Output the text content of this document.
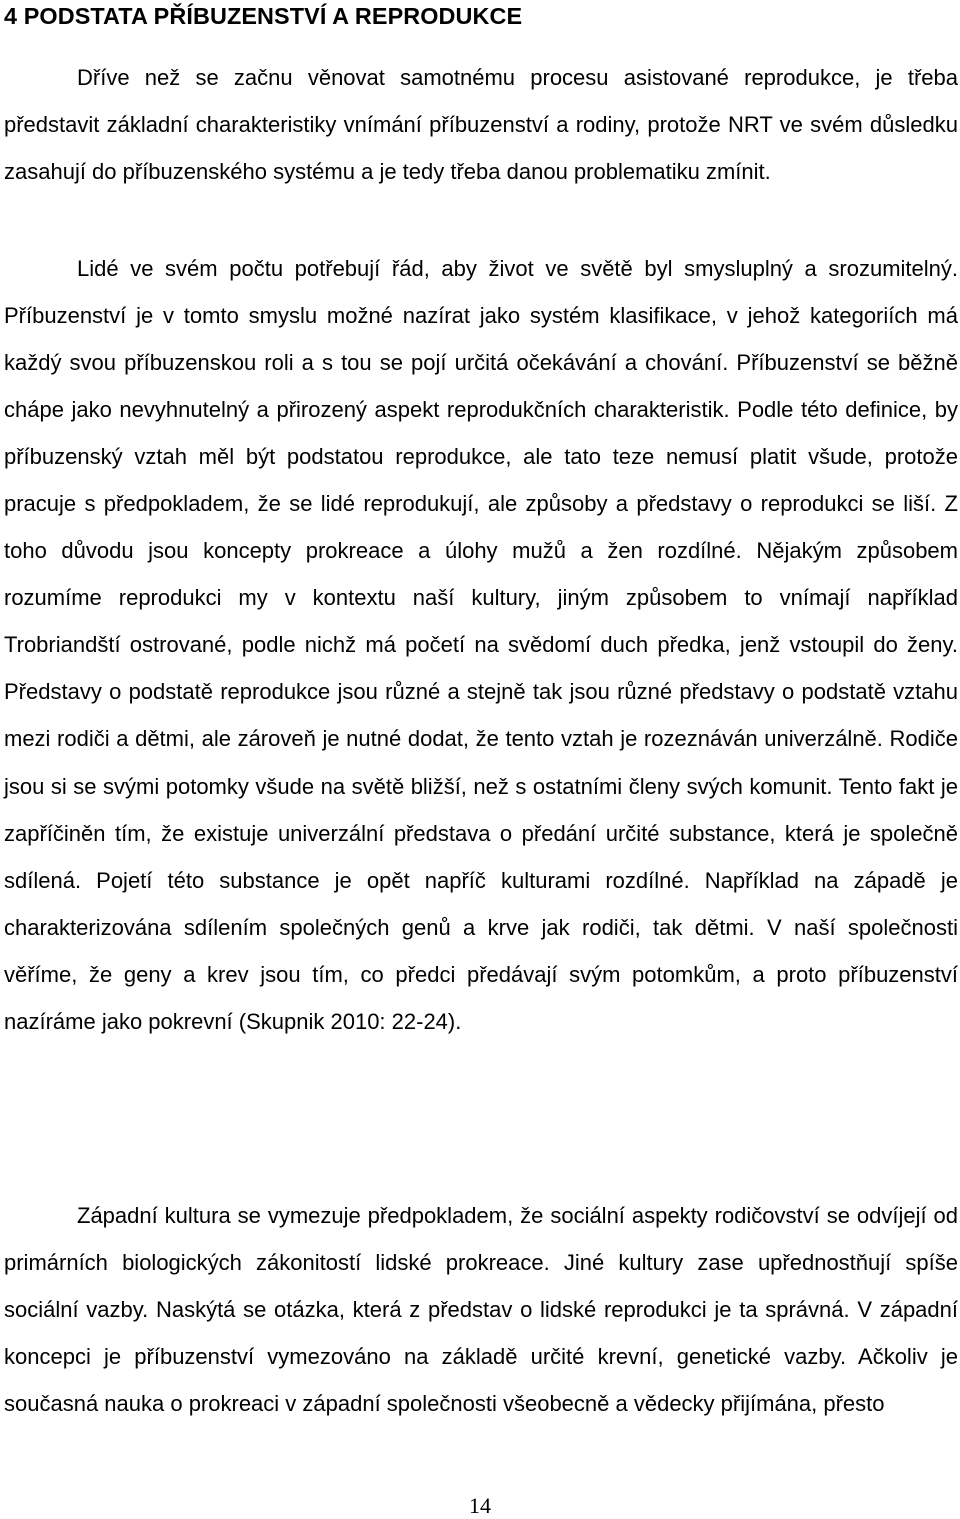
4 PODSTATA PŘÍBUZENSTVÍ A REPRODUKCE

Dříve než se začnu věnovat samotnému procesu asistované reprodukce, je třeba představit základní charakteristiky vnímání příbuzenství a rodiny, protože NRT ve svém důsledku zasahují do příbuzenského systému a je tedy třeba danou problematiku zmínit.

Lidé ve svém počtu potřebují řád, aby život ve světě byl smysluplný a srozumitelný. Příbuzenství je v tomto smyslu možné nazírat jako systém klasifikace, v jehož kategoriích má každý svou příbuzenskou roli a s tou se pojí určitá očekávání a chování. Příbuzenství se běžně chápe jako nevyhnutelný a přirozený aspekt reprodukčních charakteristik. Podle této definice, by příbuzenský vztah měl být podstatou reprodukce, ale tato teze nemusí platit všude, protože pracuje s předpokladem, že se lidé reprodukují, ale způsoby a představy o reprodukci se liší. Z toho důvodu jsou koncepty prokreace a úlohy mužů a žen rozdílné. Nějakým způsobem rozumíme reprodukci my v kontextu naší kultury, jiným způsobem to vnímají například Trobriandští ostrované, podle nichž má početí na svědomí duch předka, jenž vstoupil do ženy. Představy o podstatě reprodukce jsou různé a stejně tak jsou různé představy o podstatě vztahu mezi rodiči a dětmi, ale zároveň je nutné dodat, že tento vztah je rozeznáván univerzálně. Rodiče jsou si se svými potomky všude na světě bližší, než s ostatními členy svých komunit. Tento fakt je zapříčiněn tím, že existuje univerzální představa o předání určité substance, která je společně sdílená. Pojetí této substance je opět napříč kulturami rozdílné. Například na západě je charakterizována sdílením společných genů a krve jak rodiči, tak dětmi. V naší společnosti věříme, že geny a krev jsou tím, co předci předávají svým potomkům, a proto příbuzenství nazíráme jako pokrevní (Skupnik 2010: 22-24).

Západní kultura se vymezuje předpokladem, že sociální aspekty rodičovství se odvíjejí od primárních biologických zákonitostí lidské prokreace. Jiné kultury zase upřednostňují spíše sociální vazby. Naskýtá se otázka, která z představ o lidské reprodukci je ta správná. V západní koncepci je příbuzenství vymezováno na základě určité krevní, genetické vazby. Ačkoliv je současná nauka o prokreaci v západní společnosti všeobecně a vědecky přijímána, přesto

14
